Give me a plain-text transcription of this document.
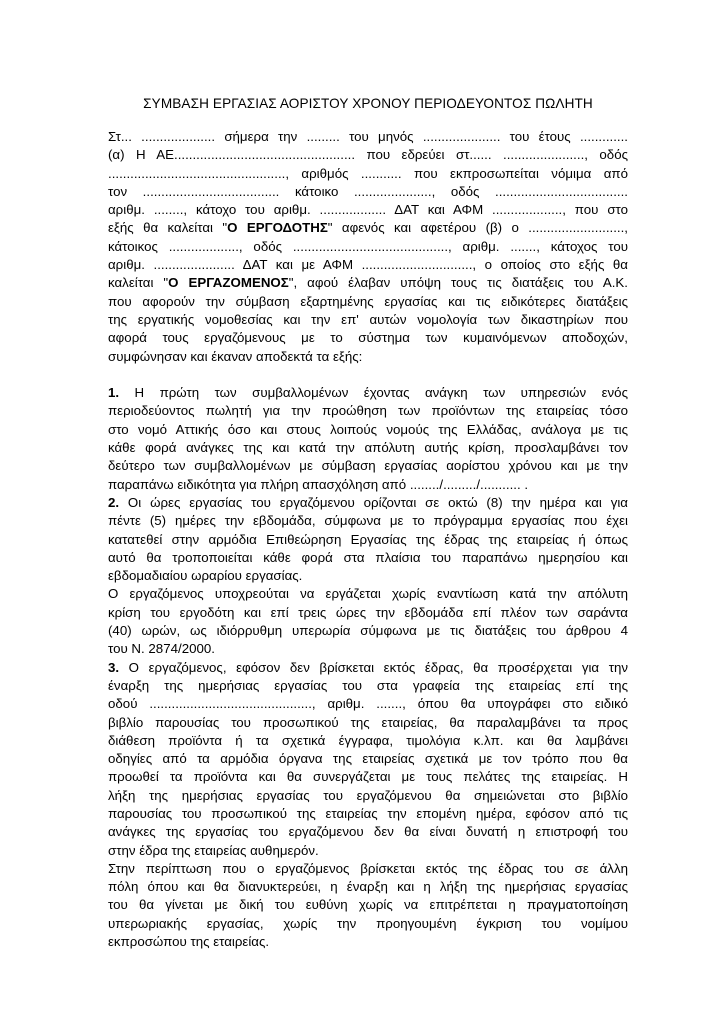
ΣΥΜΒΑΣΗ ΕΡΓΑΣΙΑΣ ΑΟΡΙΣΤΟΥ ΧΡΟΝΟΥ ΠΕΡΙΟΔΕΥΟΝΤΟΣ ΠΩΛΗΤΗ

Στ... .................... σήμερα την ......... του μηνός ..................... του έτους .............

(α) Η ΑΕ................................................. που εδρεύει στ...... ......................, οδός

................................................, αριθμός ........... που εκπροσωπείται νόμιμα από

τον ..................................... κάτοικο ....................., οδός ....................................

αριθμ. ........, κάτοχο του αριθμ. .................. ΔΑΤ και ΑΦΜ ..................., που στο

εξής θα καλείται "Ο ΕΡΓΟΔΟΤΗΣ" αφενός και αφετέρου (β) ο ..........................,

κάτοικος ..................., οδός .........................................., αριθμ. ......., κάτοχος του

αριθμ. ...................... ΔΑΤ και με ΑΦΜ .............................., ο οποίος στο εξής θα

καλείται "Ο ΕΡΓΑΖΟΜΕΝΟΣ", αφού έλαβαν υπόψη τους τις διατάξεις του Α.Κ.

που αφορούν την σύμβαση εξαρτημένης εργασίας και τις ειδικότερες διατάξεις

της εργατικής νομοθεσίας και την επ' αυτών νομολογία των δικαστηρίων που

αφορά τους εργαζόμενους με το σύστημα των κυμαινόμενων αποδοχών,

συμφώνησαν και έκαναν αποδεκτά τα εξής:

1. Η πρώτη των συμβαλλομένων έχοντας ανάγκη των υπηρεσιών ενός

περιοδεύοντος πωλητή για την προώθηση των προϊόντων της εταιρείας τόσο

στο νομό Αττικής όσο και στους λοιπούς νομούς της Ελλάδας, ανάλογα με τις

κάθε φορά ανάγκες της και κατά την απόλυτη αυτής κρίση, προσλαμβάνει τον

δεύτερο των συμβαλλομένων με σύμβαση εργασίας αορίστου χρόνου και με την

παραπάνω ειδικότητα για πλήρη απασχόληση από ......../........./........... .

2. Οι ώρες εργασίας του εργαζόμενου ορίζονται σε οκτώ (8) την ημέρα και για

πέντε (5) ημέρες την εβδομάδα, σύμφωνα με το πρόγραμμα εργασίας που έχει

κατατεθεί στην αρμόδια Επιθεώρηση Εργασίας της έδρας της εταιρείας ή όπως

αυτό θα τροποποιείται κάθε φορά στα πλαίσια του παραπάνω ημερησίου και

εβδομαδιαίου ωραρίου εργασίας.

Ο εργαζόμενος υποχρεούται να εργάζεται χωρίς εναντίωση κατά την απόλυτη

κρίση του εργοδότη και επί τρεις ώρες την εβδομάδα επί πλέον των σαράντα

(40) ωρών, ως ιδιόρρυθμη υπερωρία σύμφωνα με τις διατάξεις του άρθρου 4

του Ν. 2874/2000.

3. Ο εργαζόμενος, εφόσον δεν βρίσκεται εκτός έδρας, θα προσέρχεται για την

έναρξη της ημερήσιας εργασίας του στα γραφεία της εταιρείας επί της

οδού ............................................, αριθμ. ......., όπου θα υπογράφει στο ειδικό

βιβλίο παρουσίας του προσωπικού της εταιρείας, θα παραλαμβάνει τα προς

διάθεση προϊόντα ή τα σχετικά έγγραφα, τιμολόγια κ.λπ. και θα λαμβάνει

οδηγίες από τα αρμόδια όργανα της εταιρείας σχετικά με τον τρόπο που θα

προωθεί τα προϊόντα και θα συνεργάζεται με τους πελάτες της εταιρείας. Η

λήξη της ημερήσιας εργασίας του εργαζόμενου θα σημειώνεται στο βιβλίο

παρουσίας του προσωπικού της εταιρείας την επομένη ημέρα, εφόσον από τις

ανάγκες της εργασίας του εργαζόμενου δεν θα είναι δυνατή η επιστροφή του

στην έδρα της εταιρείας αυθημερόν.

Στην περίπτωση που ο εργαζόμενος βρίσκεται εκτός της έδρας του σε άλλη

πόλη όπου και θα διανυκτερεύει, η έναρξη και η λήξη της ημερήσιας εργασίας

του θα γίνεται με δική του ευθύνη χωρίς να επιτρέπεται η πραγματοποίηση

υπερωριακής εργασίας, χωρίς την προηγουμένη έγκριση του νομίμου

εκπροσώπου της εταιρείας.
